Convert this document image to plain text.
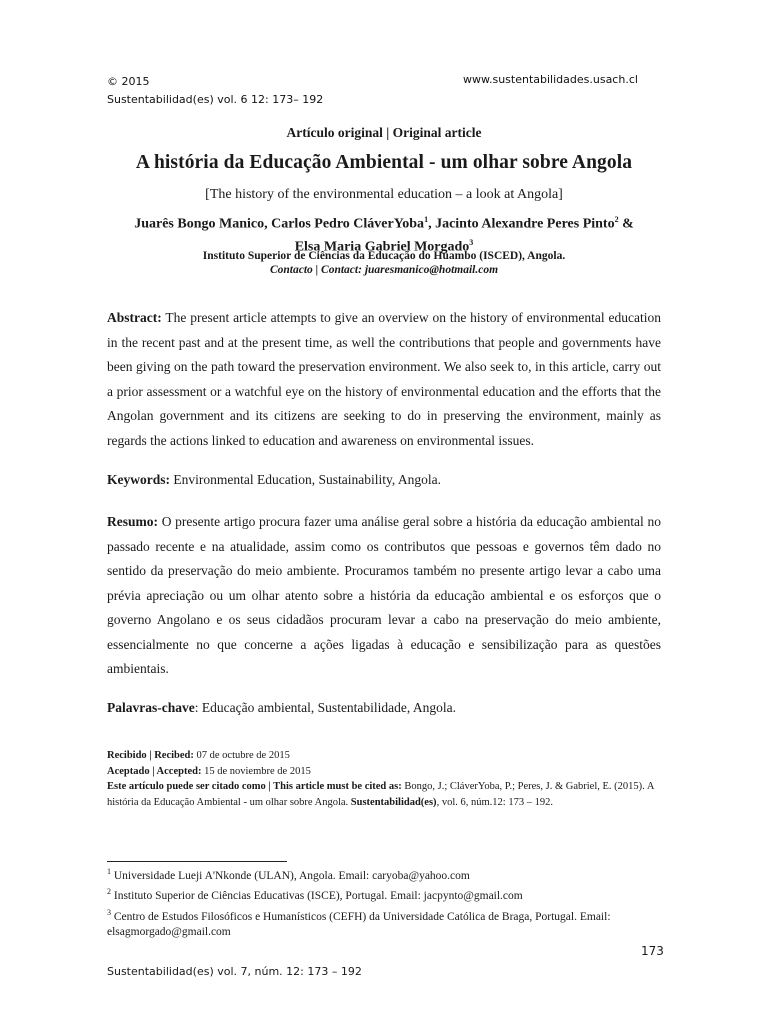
© 2015
Sustentabilidad(es) vol. 6 12: 173– 192
www.sustentabilidades.usach.cl
Artículo original | Original article
A história da Educação Ambiental - um olhar sobre Angola
[The history of the environmental education – a look at Angola]
Juarês Bongo Manico, Carlos Pedro CláverYoba$^1$, Jacinto Alexandre Peres Pinto$^2$ &
Elsa Maria Gabriel Morgado$^3$
Instituto Superior de Ciências da Educação do Huambo (ISCED), Angola.
Contacto | Contact: juaresmanico@hotmail.com
Abstract: The present article attempts to give an overview on the history of environmental education in the recent past and at the present time, as well the contributions that people and governments have been giving on the path toward the preservation environment. We also seek to, in this article, carry out a prior assessment or a watchful eye on the history of environmental education and the efforts that the Angolan government and its citizens are seeking to do in preserving the environment, mainly as regards the actions linked to education and awareness on environmental issues.
Keywords: Environmental Education, Sustainability, Angola.
Resumo: O presente artigo procura fazer uma análise geral sobre a história da educação ambiental no passado recente e na atualidade, assim como os contributos que pessoas e governos têm dado no sentido da preservação do meio ambiente. Procuramos também no presente artigo levar a cabo uma prévia apreciação ou um olhar atento sobre a história da educação ambiental e os esforços que o governo Angolano e os seus cidadãos procuram levar a cabo na preservação do meio ambiente, essencialmente no que concerne a ações ligadas à educação e sensibilização para as questões ambientais.
Palavras-chave: Educação ambiental, Sustentabilidade, Angola.
Recibido | Recibed: 07 de octubre de 2015
Aceptado | Accepted: 15 de noviembre de 2015
Este artículo puede ser citado como | This article must be cited as: Bongo, J.; CláverYoba, P.; Peres, J. & Gabriel, E. (2015). A história da Educação Ambiental - um olhar sobre Angola. Sustentabilidad(es), vol. 6, núm.12: 173 – 192.
$^1$ Universidade Lueji A'Nkonde (ULAN), Angola. Email: caryoba@yahoo.com
$^2$ Instituto Superior de Ciências Educativas (ISCE), Portugal. Email: jacpynto@gmail.com
$^3$ Centro de Estudos Filosóficos e Humanísticos (CEFH) da Universidade Católica de Braga, Portugal. Email: elsagmorgado@gmail.com
173
Sustentabilidad(es) vol. 7, núm. 12: 173 – 192
